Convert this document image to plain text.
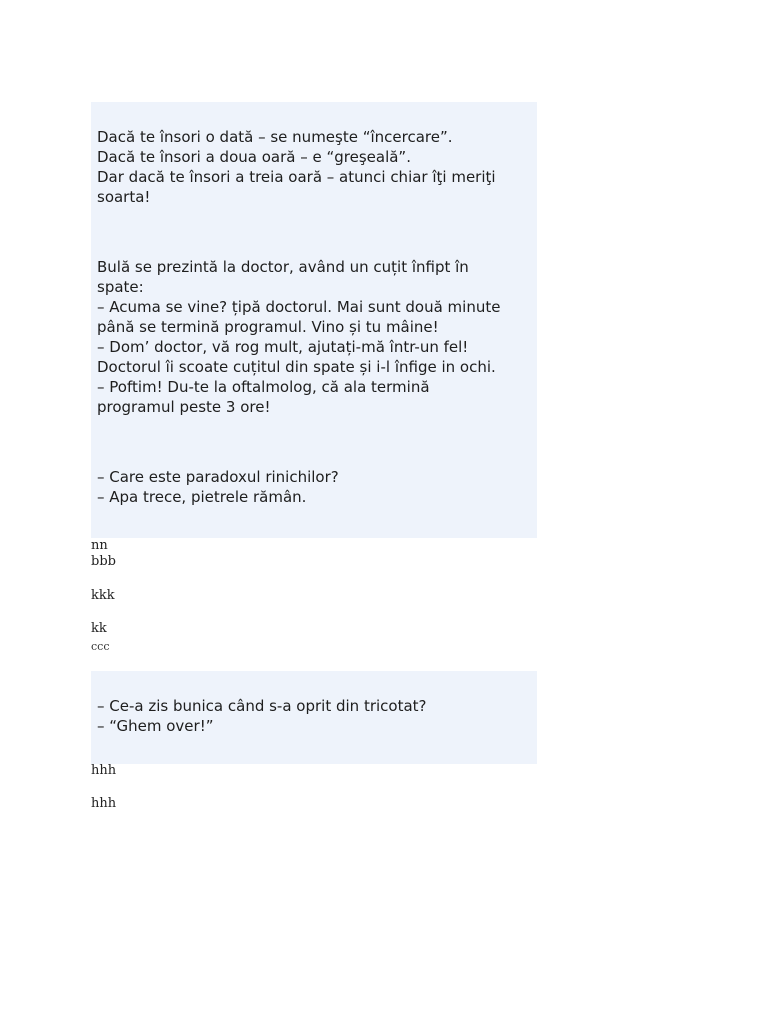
Dacă te însori o dată – se numeşte “încercare”.
Dacă te însori a doua oară – e “greşeală”.
Dar dacă te însori a treia oară – atunci chiar îţi meriţi
soarta!
Bulă se prezintă la doctor, având un cuțit înfipt în
spate:
– Acuma se vine? țipă doctorul. Mai sunt două minute
până se termină programul. Vino și tu mâine!
– Dom’ doctor, vă rog mult, ajutați-mă într-un fel!
Doctorul îi scoate cuțitul din spate și i-l înfige in ochi.
– Poftim! Du-te la oftalmolog, că ala termină
programul peste 3 ore!
– Care este paradoxul rinichilor?
– Apa trece, pietrele rămân.
nn
bbb
kkk
kk
ccc
– Ce-a zis bunica când s-a oprit din tricotat?
– “Ghem over!”
hhh
hhh
